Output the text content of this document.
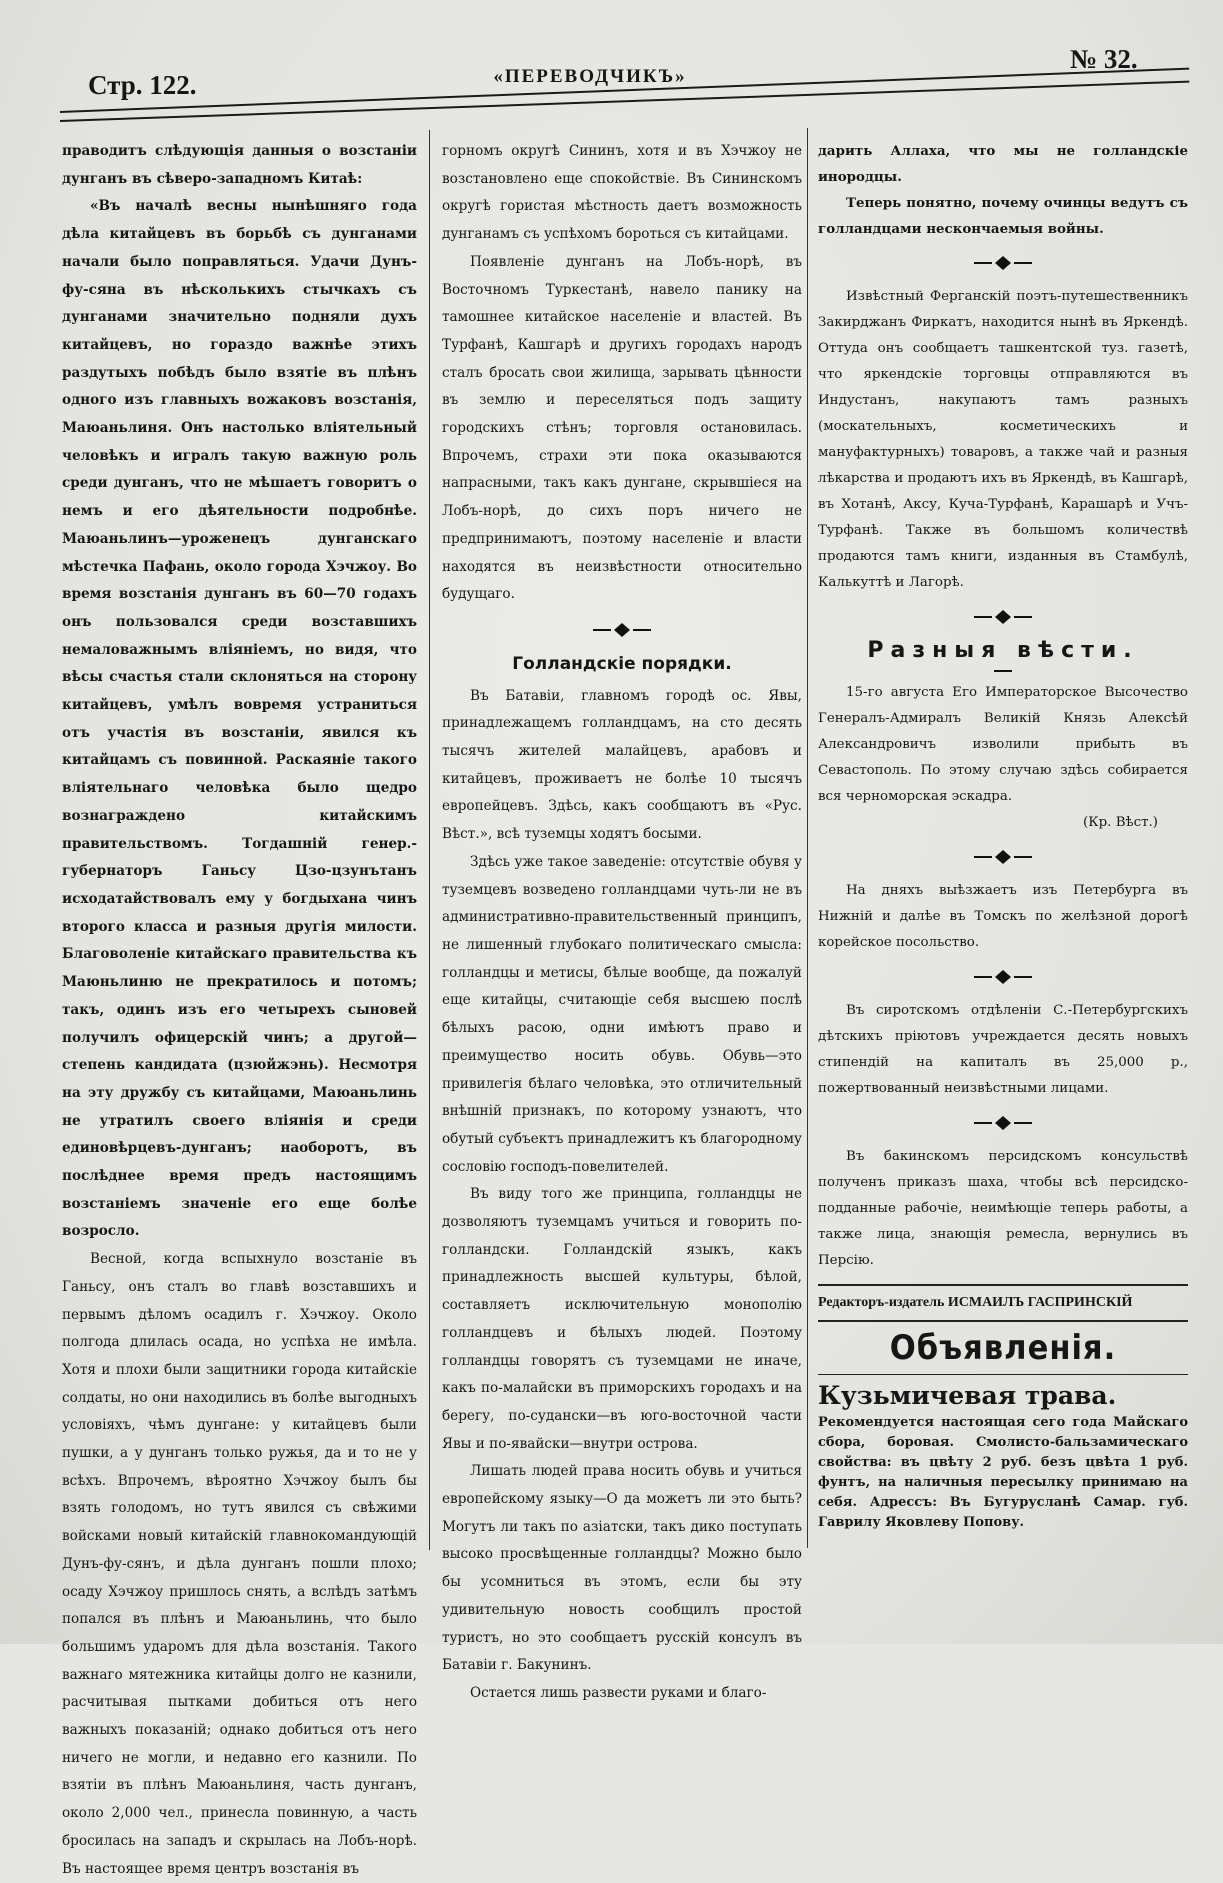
Стр. 122.	«ПЕРЕВОДЧИКЪ»
№ 32.

праводитъ слѣдующія данныя о возстаніи дунганъ въ сѣверо-западномъ Китаѣ:

«Въ началѣ весны нынѣшняго года дѣла китайцевъ въ борьбѣ съ дунганами начали было поправляться. Удачи Дунъ-фу-сяна въ нѣсколькихъ стычкахъ съ дунганами значительно подняли духъ китайцевъ, но гораздо важнѣе этихъ раздутыхъ побѣдъ было взятіе въ плѣнъ одного изъ главныхъ вожаковъ возстанія, Маюаньлиня. Онъ настолько вліятельный человѣкъ и игралъ такую важную роль среди дунганъ, что не мѣшаетъ говоритъ о немъ и его дѣятельности подробнѣе. Маюаньлинъ—уроженецъ дунганскаго мѣстечка Пафань, около города Хэчжоу. Во время возстанія дунганъ въ 60—70 годахъ онъ пользовался среди возставшихъ немаловажнымъ вліяніемъ, но видя, что вѣсы счастья стали склоняться на сторону китайцевъ, умѣлъ вовремя устраниться отъ участія въ возстаніи, явился къ китайцамъ съ повинной. Раскаяніе такого вліятельнаго человѣка было щедро вознаграждено китайскимъ правительствомъ. Тогдашній генер.-губернаторъ Ганьсу Цзо-цзунътанъ исходатайствовалъ ему у богдыхана чинъ второго класса и разныя другія милости. Благоволеніе китайскаго правительства къ Маюньлиню не прекратилось и потомъ; такъ, одинъ изъ его четырехъ сыновей получилъ офицерскій чинъ; а другой—степень кандидата (цзюйжэнь). Несмотря на эту дружбу съ китайцами, Маюаньлинь не утратилъ своего вліянія и среди единовѣрцевъ-дунганъ; наоборотъ, въ послѣднее время предъ настоящимъ возстаніемъ значеніе его еще болѣе возросло.

Весной, когда вспыхнуло возстаніе въ Ганьсу, онъ сталъ во главѣ возставшихъ и первымъ дѣломъ осадилъ г. Хэчжоу. Около полгода длилась осада, но успѣха не имѣла. Хотя и плохи были защитники города китайскіе солдаты, но они находились въ болѣе выгодныхъ условіяхъ, чѣмъ дунгане: у китайцевъ были пушки, а у дунганъ только ружья, да и то не у всѣхъ. Впрочемъ, вѣроятно Хэчжоу былъ бы взять голодомъ, но тутъ явился съ свѣжими войсками новый китайскій главнокомандующій Дунъ-фу-сянъ, и дѣла дунганъ пошли плохо; осаду Хэчжоу пришлось снять, а вслѣдъ затѣмъ попался въ плѣнъ и Маюаньлинь, что было большимъ ударомъ для дѣла возстанія. Такого важнаго мятежника китайцы долго не казнили, расчитывая пытками добиться отъ него важныхъ показаній; однако добиться отъ него ничего не могли, и недавно его казнили. По взятіи въ плѣнъ Маюаньлиня, часть дунганъ, около 2,000 чел., принесла повинную, а часть бросилась на западъ и скрылась на Лобъ-норѣ. Въ настоящее время центръ возстанія въ

горномъ округѣ Сининъ, хотя и въ Хэчжоу не возстановлено еще спокойствіе. Въ Сининскомъ округѣ гористая мѣстность даетъ возможность дунганамъ съ успѣхомъ бороться съ китайцами.

Появленіе дунганъ на Лобъ-норѣ, въ Восточномъ Туркестанѣ, навело панику на тамошнее китайское населеніе и властей. Въ Турфанѣ, Кашгарѣ и другихъ городахъ народъ сталъ бросать свои жилища, зарывать цѣнности въ землю и переселяться подъ защиту городскихъ стѣнъ; торговля остановилась. Впрочемъ, страхи эти пока оказываются напрасными, такъ какъ дунгане, скрывшіеся на Лобъ-норѣ, до сихъ поръ ничего не предпринимаютъ, поэтому населеніе и власти находятся въ неизвѣстности относительно будущаго.

Голландскіе порядки.

Въ Батавіи, главномъ городѣ ос. Явы, принадлежащемъ голландцамъ, на сто десять тысячъ жителей малайцевъ, арабовъ и китайцевъ, проживаетъ не болѣе 10 тысячъ европейцевъ. Здѣсь, какъ сообщаютъ въ «Рус. Вѣст.», всѣ туземцы ходятъ босыми.

Здѣсь уже такое заведеніе: отсутствіе обувя у туземцевъ возведено голландцами чуть-ли не въ административно-правительственный принципъ, не лишенный глубокаго политическаго смысла: голландцы и метисы, бѣлые вообще, да пожалуй еще китайцы, считающіе себя высшею послѣ бѣлыхъ расою, одни имѣютъ право и преимущество носить обувь. Обувь—это привилегія бѣлаго человѣка, это отличительный внѣшній признакъ, по которому узнаютъ, что обутый субъектъ принадлежитъ къ благородному сословію господъ-повелителей.

Въ виду того же принципа, голландцы не дозволяютъ туземцамъ учиться и говорить по-голландски. Голландскій языкъ, какъ принадлежность высшей культуры, бѣлой, составляетъ исключительную монополію голландцевъ и бѣлыхъ людей. Поэтому голландцы говорятъ съ туземцами не иначе, какъ по-малайски въ приморскихъ городахъ и на берегу, по-судански—въ юго-восточной части Явы и по-явайски—внутри острова.

Лишать людей права носить обувь и учиться европейскому языку—О да можетъ ли это быть? Могутъ ли такъ по азіатски, такъ дико поступать высоко просвѣщенные голландцы? Можно было бы усомниться въ этомъ, если бы эту удивительную новость сообщилъ простой туристъ, но это сообщаетъ русскій консулъ въ Батавіи г. Бакунинъ.

Остается лишь развести руками и благо-

дарить Аллаха, что мы не голландскіе инородцы.

Теперь понятно, почему очинцы ведутъ съ голландцами нескончаемыя войны.

Извѣстный Ферганскій поэтъ-путешественникъ Закирджанъ Фиркатъ, находится нынѣ въ Яркендѣ. Оттуда онъ сообщаетъ ташкентской туз. газетѣ, что яркендскіе торговцы отправляются въ Индустанъ, накупаютъ тамъ разныхъ (москательныхъ, косметическихъ и мануфактурныхъ) товаровъ, а также чай и разныя лѣкарства и продаютъ ихъ въ Яркендѣ, въ Кашгарѣ, въ Хотанѣ, Аксу, Куча-Турфанѣ, Карашарѣ и Учъ-Турфанѣ. Также въ большомъ количествѣ продаются тамъ книги, изданныя въ Стамбулѣ, Калькуттѣ и Лагорѣ.

Разныя вѣсти.

15-го августа Его Императорское Высочество Генералъ-Адмиралъ Великій Князь Алексѣй Александровичъ изволили прибыть въ Севастополь. По этому случаю здѣсь собирается вся черноморская эскадра.

(Кр. Вѣст.)

На дняхъ выѣзжаетъ изъ Петербурга въ Нижній и далѣе въ Томскъ по желѣзной дорогѣ корейское посольство.

Въ сиротскомъ отдѣленіи С.-Петербургскихъ дѣтскихъ пріютовъ учреждается десять новыхъ стипендій на капиталъ въ 25,000 р., пожертвованный неизвѣстными лицами.

Въ бакинскомъ персидскомъ консульствѣ полученъ приказъ шаха, чтобы всѣ персидско-подданные рабочіе, неимѣющіе теперь работы, а также лица, знающія ремесла, вернулись въ Персію.

Редакторъ-издатель ИСМАИЛЪ ГАСПРИНСКІЙ
Объявленія.
Кузьмичевая трава.

Рекомендуется настоящая сего года Майскаго сбора, боровая. Смолисто-бальзамическаго свойства: въ цвѣту 2 руб. безъ цвѣта 1 руб. фунтъ, на наличныя пересылку принимаю на себя. Адрессъ: Въ Бугурусланѣ Самар. губ. Гаврилу Яковлеву Попову.
